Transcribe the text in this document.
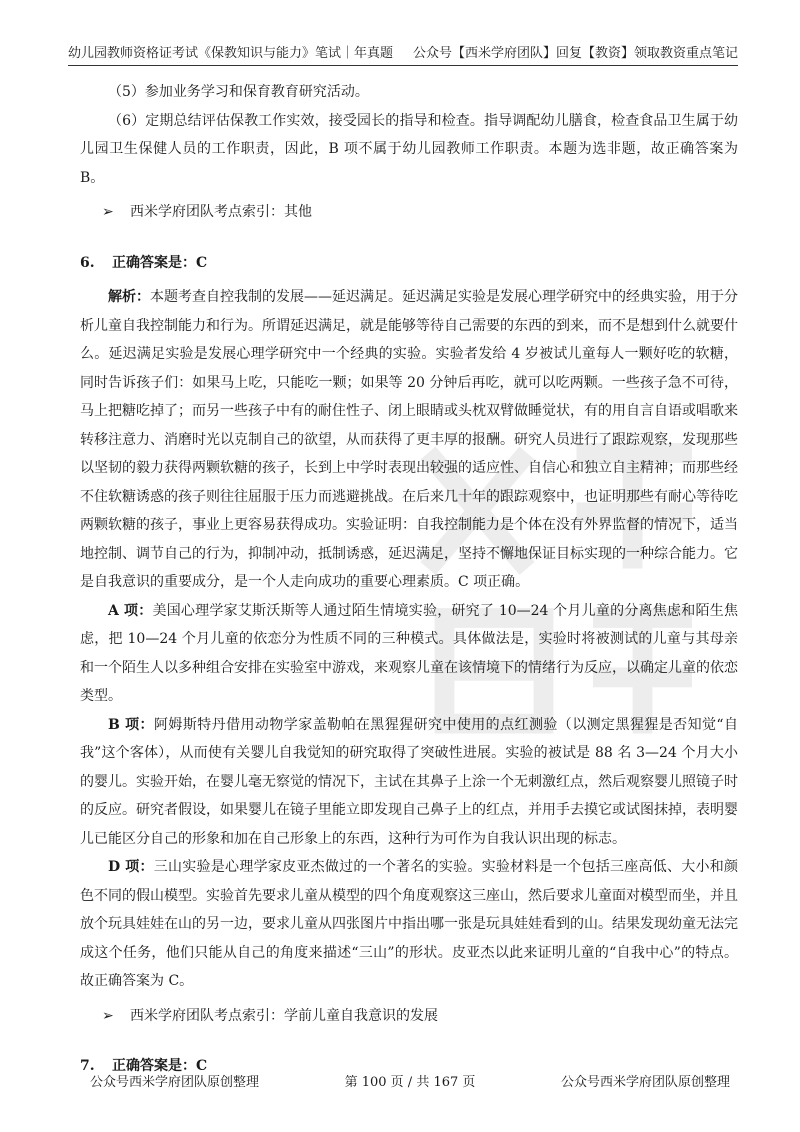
幼儿园教师资格证考试《保教知识与能力》笔试｜年真题 公众号【西米学府团队】回复【教资】领取教资重点笔记

（5）参加业务学习和保育教育研究活动。

（6）定期总结评估保教工作实效，接受园长的指导和检查。指导调配幼儿膳食，检查食品卫生属于幼儿园卫生保健人员的工作职责，因此，B 项不属于幼儿园教师工作职责。本题为选非题，故正确答案为 B。

➢ 西米学府团队考点索引：其他

6. 正确答案是：C

解析：本题考查自控我制的发展——延迟满足。延迟满足实验是发展心理学研究中的经典实验，用于分析儿童自我控制能力和行为。所谓延迟满足，就是能够等待自己需要的东西的到来，而不是想到什么就要什么。延迟满足实验是发展心理学研究中一个经典的实验。实验者发给 4 岁被试儿童每人一颗好吃的软糖，同时告诉孩子们：如果马上吃，只能吃一颗；如果等 20 分钟后再吃，就可以吃两颗。一些孩子急不可待，马上把糖吃掉了；而另一些孩子中有的耐住性子、闭上眼睛或头枕双臂做睡觉状，有的用自言自语或唱歌来转移注意力、消磨时光以克制自己的欲望，从而获得了更丰厚的报酬。研究人员进行了跟踪观察，发现那些以坚韧的毅力获得两颗软糖的孩子，长到上中学时表现出较强的适应性、自信心和独立自主精神；而那些经不住软糖诱惑的孩子则往往屈服于压力而逃避挑战。在后来几十年的跟踪观察中，也证明那些有耐心等待吃两颗软糖的孩子，事业上更容易获得成功。实验证明：自我控制能力是个体在没有外界监督的情况下，适当地控制、调节自己的行为，抑制冲动，抵制诱惑，延迟满足，坚持不懈地保证目标实现的一种综合能力。它是自我意识的重要成分，是一个人走向成功的重要心理素质。C 项正确。

A 项：美国心理学家艾斯沃斯等人通过陌生情境实验，研究了 10—24 个月儿童的分离焦虑和陌生焦虑，把 10—24 个月儿童的依恋分为性质不同的三种模式。具体做法是，实验时将被测试的儿童与其母亲和一个陌生人以多种组合安排在实验室中游戏，来观察儿童在该情境下的情绪行为反应，以确定儿童的依恋类型。

B 项：阿姆斯特丹借用动物学家盖勒帕在黑猩猩研究中使用的点红测验（以测定黑猩猩是否知觉“自我”这个客体），从而使有关婴儿自我觉知的研究取得了突破性进展。实验的被试是 88 名 3—24 个月大小的婴儿。实验开始，在婴儿毫无察觉的情况下，主试在其鼻子上涂一个无刺激红点，然后观察婴儿照镜子时的反应。研究者假设，如果婴儿在镜子里能立即发现自己鼻子上的红点，并用手去摸它或试图抹掉，表明婴儿已能区分自己的形象和加在自己形象上的东西，这种行为可作为自我认识出现的标志。

D 项：三山实验是心理学家皮亚杰做过的一个著名的实验。实验材料是一个包括三座高低、大小和颜色不同的假山模型。实验首先要求儿童从模型的四个角度观察这三座山，然后要求儿童面对模型而坐，并且放个玩具娃娃在山的另一边，要求儿童从四张图片中指出哪一张是玩具娃娃看到的山。结果发现幼童无法完成这个任务，他们只能从自己的角度来描述“三山”的形状。皮亚杰以此来证明儿童的“自我中心”的特点。故正确答案为 C。

➢ 西米学府团队考点索引：学前儿童自我意识的发展

7. 正确答案是：C

公众号西米学府团队原创整理	第 100 页 / 共 167 页	公众号西米学府团队原创整理
